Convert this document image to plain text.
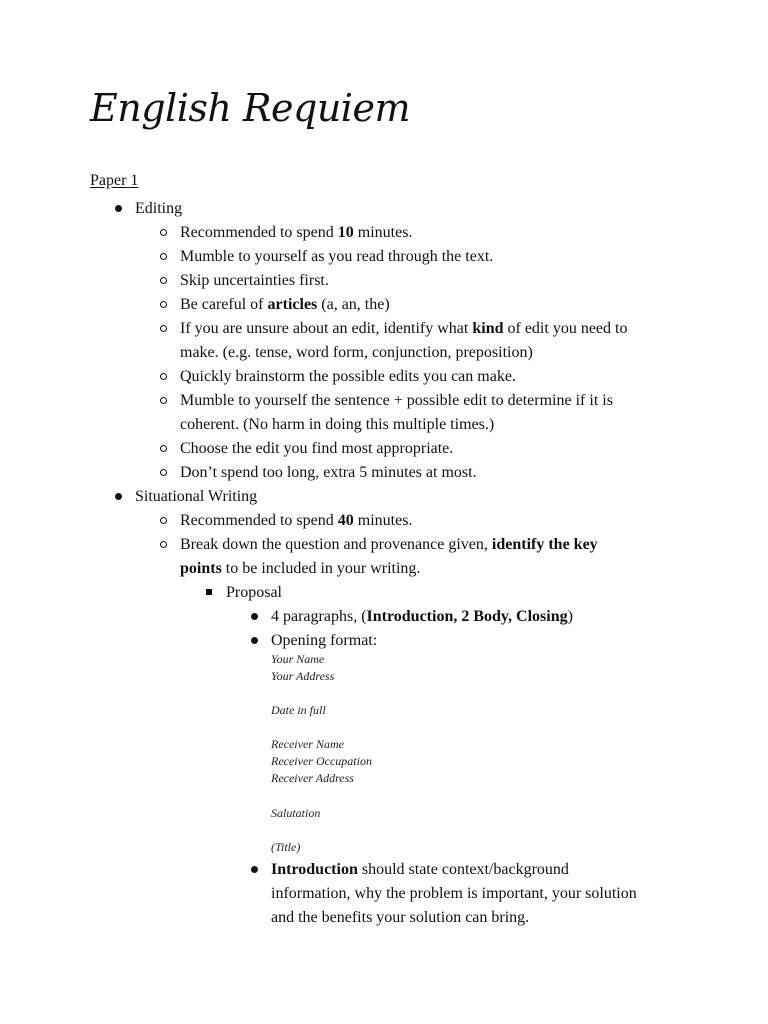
English Requiem
Paper 1
Editing
Recommended to spend 10 minutes.
Mumble to yourself as you read through the text.
Skip uncertainties first.
Be careful of articles (a, an, the)
If you are unsure about an edit, identify what kind of edit you need to
make. (e.g. tense, word form, conjunction, preposition)
Quickly brainstorm the possible edits you can make.
Mumble to yourself the sentence + possible edit to determine if it is
coherent. (No harm in doing this multiple times.)
Choose the edit you find most appropriate.
Don’t spend too long, extra 5 minutes at most.
Situational Writing
Recommended to spend 40 minutes.
Break down the question and provenance given, identify the key
points to be included in your writing.
Proposal
4 paragraphs, (Introduction, 2 Body, Closing)
Opening format:
Your Name
Your Address
Date in full
Receiver Name
Receiver Occupation
Receiver Address
Salutation
(Title)
Introduction should state context/background
information, why the problem is important, your solution
and the benefits your solution can bring.
